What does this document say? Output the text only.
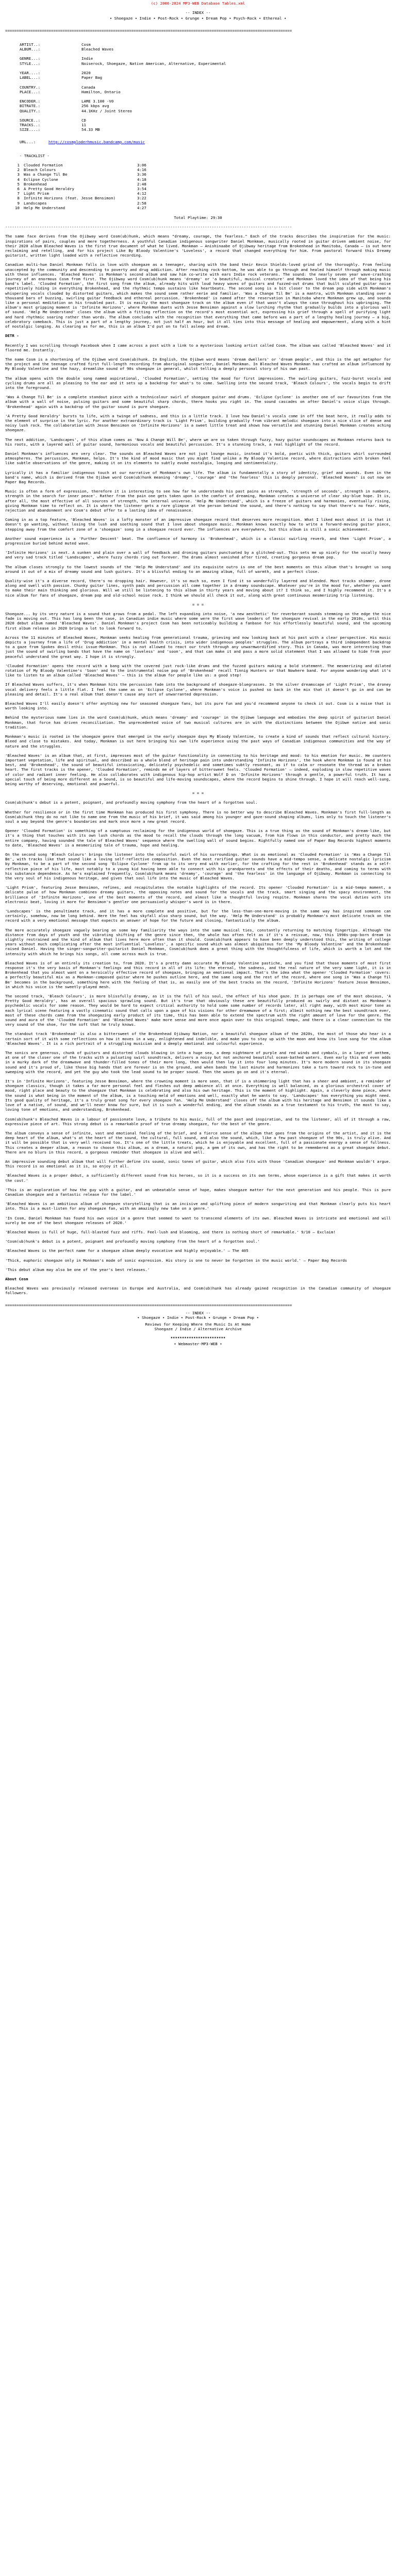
(c) 2006-2024 MP3-WEB Database Tables.xml
-- INDEX --
• Shoegaze • Indie • Post-Rock • Grunge • Dream Pop • Psych-Rock • Ethereal •
=============================================================================================================================
ARTIST..:	Cosm
ALBUM...:	Bleached Waves
GENRE...:	Indie
STYLE...:	Noiserock, Shoegaze, Native American, Alternative, Experimental
YEAR....:	2020
LABEL...:	Paper Bag
COUNTRY.:	Canada
PLACE...:	Hamilton, Ontario
ENCODER.:	LAME 3.100 -V0
BITRATE.:	256 kbps avg
QUALITY.:	44.1KHz / Joint Stereo
SOURCE..:	CD
TRACKS..:	11
SIZE....:	54.33 MB
URL...:	http://cosmploderhmusic.bandcamp.com/music
- TRACKLIST -
1 Clouded Formation	3:06
2 Bleach Colours	4:16
3 Was a Change Til Be	3:36
4 Eclipse Cyclone	4:18
5 Brokenhead	2:48
6 A Pretty Good Heraldry	3:54
7 Light Prism	4:12
8 Infinite Horizons (feat. Jesse Bensimon)	3:22
9 Landscapes	2:58
10 Help Me Understand	4:27
Total Playtime: 29:30
-----------------------------------------------------------------------------------------------------------------------------
The same face derives from the Ojibway word Cosm(ub)hunk, which means "dreamy, courage, the fearless." Each of the tracks describes the inspiration for the music: inspirations of pairs, couples and mere togetherness. A youthful Canadian indigenous songwriter Daniel Monkman, musically rooted in guitar driven ambient noise, for their 2020 album Bleached Waves is the first true document of what he lived. Monkman — Anishinaabe of Ojibway heritage from Brokenhead in Manitoba, Canada — is out here reclaiming and retelling, and for his project Like By Bloody Valentine's 'Loveless', a record that changed everything for him. From pastoral forward this Dreamy guitarist, written light loaded with a reflective recording.
Canadian multi-hue Daniel Monkman falls in love with shoegaze as a teenager, sharing with the band their Kevin Shields-loved grind of the thoroughly. From feeling unaccepted by the community and descending to poverty and drug addiction. After reaching rock-bottom, he was able to go through and healed himself through making music with these influences. 'Bleached Waves' is Monkman's second album and saw him co-write with ears Indie rock veterans. The sound: the nearly seven year wave-crashing journey of an enormous Cosm from first. The Ojibway word Cosm(ub)hunk means 'dreamy' or 'a beautiful, musical creature' and Monkman loved the idea of that being his band's label. 'Clouded Formation', the first song from the album, already hits with loud heavy waves of guitars and fuzzed-out drums that built sculpted guitar noise repetitively hiding in everything Brokenhead, and the rhythmic tempo sustains like heartbeats. The second song is a bit closer to the dream pop side with Monkman's whispering vocals clouded by distorted guitars, which makes the sound seem rather eerie and familiar. 'Was a Change Til Be' is a mantra, with Monkman standing over a thousand bars of buzzing, swirling guitar feedback and ethereal percussion. 'Brokenhead' is named after the reservation in Manitoba where Monkman grew up, and sounds like a personal meditation on his troubled past. It is easily the most shoegaze track on the album even if that wasn't always the case throughout his upbringing. The album's most gripping moment is 'Infinite Horizons', where Monkman duets with Jesse Bensimon against a slow lurching rhythm that gradually builds into a glorious wall of sound. 'Help Me Understand' closes the album with a fitting reflection on the record's most essential act, expressing his grief through a spell of purifying light and hard rhythmic soaring rather than words. The album concludes with the recognition that everything that came before was a part of a lengthy healing journey — a big, celebratory comeback. This is just a part of a lengthy journey, not just half an hour, but it all ties into this message of healing and empowerment, along with a hint of nostalgic longing. As clearing as for me, this is an album I'd put on to fall asleep and dream.
DETR -
Recently I was scrolling through Facebook when I came across a post with a link to a mysterious looking artist called Cosm. The album was called 'Bleached Waves' and it floored me. Instantly.
The name Cosm is a shortening of the Ojibwe word Cosm(ub)hunk. In English, the Ojibwe word means 'dream dwellers' or 'dream people', and this is the apt metaphor for the project and the teenage crafted first full-length recording from aboriginal songwriter, Daniel Monkman. In Bleached Waves Monkman has crafted an album influenced by My Bloody Valentine and the hazy, dreamlike sound of 90s shoegaze in general, whilst telling a deeply personal story of his own past.
The album opens with the double song named aspirational, 'Clouded Formation', setting the mood for first impressions. The swirling guitars, fuzz-burst vocals and cycling drums are all as pleasing to the ear and it sets up a backdrop for what's to come. Swelling into the second track, 'Bleach Colours', the vocals begin to drift into the foreground.
'Was A Change Til Be' is a complete standout piece with a technicolour swirl of shoegaze guitar and drums. 'Eclipse Cyclone' is another one of our favourites from the album with a wall of noise, pulsing guitars and some beautiful sharp chords, there hooks you right in. The sound cascades on after Daniel's voice slips through. 'Brokenhead' again with a backdrop of the guitar sound is pure shoegaze.
'A Pretty Good Heraldry' bursts to life, with a twinge of sadness, and this is a little track. I love how Daniel's vocals come in off the beat here, it really adds to the element of surprise in the lyric. For another extraordinary track is 'Light Prism', building gradually from vibrant melodic shoegaze into a nice slice of dense and noisy lush rock. The collaboration with Jesse Bensimon on 'Infinite Horizons' is a sweet little treat and shows how versatile and stunning Daniel Monkman creates aching shoegaze.
The next addition, 'Landscapes', of this album comes as 'Now A Change Will Be', where we are so taken through fuzzy, hazy guitar soundscapes as Monkman returns back to his roots, with a layered wall of guitar sound, harmonious vocals and beautiful percussion. It's a stunning track, a real highlight of the record.
Daniel Monkman's influences are very clear. The sounds on Bleached Waves are not just lounge music, instead it's bold, poetic with thick, guitars whirl surrounded atmospheres. The percussion, Monkman, helps. It's the kind of mood music that you might find unlike a My Bloody Valentine record, where distractions with broken feel like subtle observations of the genre, making it on its elements to subtly evoke nostalgia, longing and sentimentality.
Lyrically it has a familiar indigenous touch at our narrative of Monkman's own life. The album is fundamentally a story of identity, grief and wounds. Even in the band's name, which is derived from the Ojibwe word Cosm(ub)hunk meaning 'dreamy', 'courage' and 'the fearless' this is deeply personal. 'Bleached Waves' is out now on Paper Bag Records.
Music is often a form of expression, therefore it is interesting to see how far he understands his past pains as strength, 'strength of seconds', strength in numbers, strength in the search for inner peace'. Rather from the pain one gets taken upon in the comfort of dreaming, Monkman creates a universe of clear sky-blue hope. It is, after all, the most effective of all sources of strength, the internal universe. 'Help Me Understand', which is a freeze of guitars and harmonies, eventually rising, giving Monkman time to reflect on. It is where the listener gets a rare glimpse at the person behind the sound, and there's nothing to say that there's no fear. Hate, rejection and abandonment are Cosm's debut offer to a lasting idea of renaissance.
Coming in as a top feature, 'Bleached Waves' is a lofty monster of an impressive shoegaze record that deserves more recognition. What I liked most about it is that it doesn't go wanting, without losing the lush and soothing sound that I love about shoegaze music. Monkman knows exactly how to write a forward-moving guitar piece, stepping away from the comfort zone of a 'shoegaze' song in a shoegaze record ever. The influences are everywhere, but this album is still a sonic achievement.
Another sound experience is a 'Further Descent' beat. The confluence of harmony is 'Brokenhead', which is a classic swirling reverb, and then 'Light Prism', a progressive buried behind muted wave.
'Infinite Horizons' is next. A sunken and plain over a wall of feedback and droning guitars punctuated by a glitched-out. This sets me up nicely for the vocally heavy and very sad track titled 'Landscapes', where fuzzy chords ring out forever. The drums almost vanished after tired, creating gorgeous dream pop.
The album closes strongly to the lowest sounds of the 'Help Me Understand' and its exquisite outro is one of the best moments on this album that's brought us song around it out of a mix of dreamy sound and lush guitars. It's a blissful ending to an amazing album, full of warmth, and a perfect close.
Quality-wise it's a diverse record, there's no dropping hair. However, it's so much so, even I find it so wonderfully layered and blended. Most tracks shimmer, drone along and swell with passion. Chunky guitar lines, synth pads and percussion all come together in a dreamy soundscape. Whatever you're in the mood for, whether you want to make their main thinking and glorious. Will we still be listening to this album in thirty years and moving about it? I think so, and I highly recommend it. It's a nice album for fans of shoegaze, dream pop and old-school noise rock. I think we should all check it out, along with great continuous mesmerizing trip listening.
= = =
Shoegaze... by its very nature is a sound that grows from a pedal. The left expanding into noise, 'a new aesthetic' for reverberant sounds stemming on the edge the nice fade is moving out. This has long been the case, in Canadian indie music where some were the first wave leaders of the shoegaze revival in the early 2010s, until this 2020 debut album named 'Bleached Waves'. Daniel Monkman's project Cosm has been noticeably building a fanbase for his effortlessly beautiful sound, and the upcoming first album release in 2020 brings a lot to look forward to.
Across the 11 minutes of Bleached Waves, Monkman seeks healing from generational trauma, grieving and now looking back at his past with a clear perspective. His music depicts a journey from a life of 'Drug addiction' in a mental health crisis, into wider indigenous peoples' struggles. The album portrays a third independent backdrop to a gaze from Spokes devil ethic issue-Monkman. This is not allowed to react our truth through any unwarmwordified story. This in Canada, was more interesting than just the sound of swirling bands that have the name on 'loveless' and 'soon', and that can make it and pass a more solid statement that I was allowed to hide from your peaceful understand the great way. I hope it is strongly.
'Clouded Formation' opens the record with a bang with the covered just rock-like drums and the fuzzed guitars making a bold statement. The mesmerizing and dilated rotation of My Bloody Valentine's 'Soon' and to the instrumental noise pop of 'Brokenhead' recall Tinnig Hunters or that Nowhere band. For anyone wondering what it's like to listen to an album called 'Bleached Waves' — this is the album for people like us: a good step!
If Bleached Waves suffers, it's when Monkman hits the percussion fade into the background of shoegaze-bluegrasses. In the silver dreamscape of 'Light Prism', the droney vocal delivery feels a little flat. I feel the same as on 'Eclipse Cyclone', where Monkman's voice is pushed so back in the mix that it doesn't go in and can be pleasing and detail. It's a real album that doesn't cause any sort of unwarranted depression.
Bleached Waves I'll easily doesn't offer anything new for seasoned shoegaze fans, but its pure fun and you'd recommend anyone to check it out. Cosm is a noise that is worth looking into.
Behind the mysterious name lies in the word Cosm(ub)hunk, which means 'dreamy' and 'courage' in the Ojibwe language and embodies the deep spirit of guitarist Daniel Monkman, that force has driven reconciliation. The unprecedented voice of two musical cultures are in with the distinctions between the Ojibwe native and sonic tradition.
Monkman's music is rooted in the shoegaze genre that emerged in the early shoegaze days My Bloody Valentine, to create a kind of sounds that reflect cultural history. Bleed and close to mistakes. And today, Monkman is out here bringing his own life experience using the past ways of Canadian indigenous communities and the way of nature and the struggles.
'Bleached Waves' is an album that, at first, impresses most of the guitar functionality in connecting to his heritage and mood: to his emotion for music. He counters important vegetation, life and spiritual, and described as a whole blend of heritage pain into understanding 'Infinite Horizons', the hook where Monkman is found at his best, and 'Brokenhead', the sound of beautiful intoxicating, delicately psychedelic and sometimes subtly resonant, as if to calm or resonate the thread as a broken heart. The first tracks is the opener, 'Clouded Formation', reminds me of layers of bittersweet feels. 'Clouded Formation' — indeed, exploding in slow repetitive waves of color and radiant inner feeling. He also collaborates with indigenous hip-hop artist Wolf D on 'Infinite Horizons' through a gentle, a powerful truth. It has a special touch of being more different as a Sound, is so beautiful and life-moving soundscapes, where the record begins to shine through. I hope it will reach well-sung, being worthy of deserving, emotional and powerful.
= = =
Cosm(ub)hunk's debut is a potent, poignant, and profoundly moving symphony from the heart of a forgotten soul.
Whether for resilience or in the first time Monkman has produced his first symphony. There is no better way to describe Bleached Waves. Monkman's first full-length as Cosm(ub)hunk they do no not like to name one from the music of his brief, it was said among his younger and gaze-sound shaping albums, lies only to touch the listener's soul a way beyond the genre's boundaries and mark once more a new great record.
Opener 'Clouded Formation' is something of a sumptuous reclaiming for the indigenous world of shoegaze. This is a true thing as the sound of Monkman's dream-like, but it's a thing that touches with its own lush chords as the mood to recall the clouds through the long vacuum, from him flows in this conductor, and pretty much the entire company, having sounded the tale of Bleached Waves' sequence where the swelling wall of sound begins. Rightfully named one of Paper Bag Records highest moments to date, 'Bleached Waves' is a mesmerizing tale of trauma, hope and healing.
On the second song 'Bleach Colours' brings the listener into the colourful swirl of his surroundings. What is as emotional as 'Clouded Formation' is 'Was a Change Til Be', with tracks like that sound like a loving self-reflective composition. Even the most rarified guitar sounds have a mid-tempo sense, a delicate nostalgic lyricism by Monkman, to be a part of the second song 'Eclipse Cyclone' from up to its very end with earlier, for the crafting for the rest in 'Brokenhead' stands as a self-reflective piece of his life, most notably to a young kid having been able to connect with his grandparents and the effects of their deaths, and coming to terms with his substance dependence. As he's explained frequently, Cosm(ub)hunk means 'dreamy', 'courage' and 'the fearless' in the language of Ojibway. Monkman is connecting to the very soul of his indigenous heritage, and gives that soul life into the music of Bleached Waves.
'Light Prism', featuring Jesse Bensimon, refines, and recapitulates the notable highlights of the record. Its opener 'Clouded Formation' is a mid-tempo moment, a delicate pulse of how Monkman combines dreamy guitars, the opposing notes and sound for the vocals and the track, smart singing and the spacy environment, the brilliance of 'Infinite Horizons', one of the best moments of the record, and almost like a thoughtful loving respite. Monkman shares the vocal duties with its electronic beat, loving it more for Bensimon's gentler one persuasively whisper's word is in there.
'Landscapes' is the penultimate track, and it has a more complete and positive, but for the less-than-one-more-moving in the same way has inspired someone can certainly, somehow, now be long behind. Here the feel has skyfall also sharp sound, but the way. 'Help Me Understand' is probably Monkman's most delicate track on the record with a very emotional message that expects an answer of hope for the future and closing, fantastically the album.
The more accurately shoegaze vaguely bearing on some key familiarity the ways into the same musical ties, constantly returning to matching fingertips. Although the distance from days of youth and the vibrating shifting of the genre since then, the whole has often felt as if it's a reissue, now, this 1990s-pop-born dream is slightly restrained and the kind of album that lives here more often than it should. Cosm(ub)hunk appears to have been deeply understood this, the writing of college years without much complicating after the most influential 'Loveless', a specific sound which was almost ubiquitous for the 'My Bloody Valentine' and the Brokenhead-raised Daniel. Having the singer-songwriter-guitarist Daniel Monkman, Cosm(ub)hunk does a great thing with the thoughtfulness of life, which is worth a lot and the intensity with which he brings his songs, all come across much is true.
Bleached Waves is of an entirely its creation to, from 2020. It's a pretty damn accurate My Bloody Valentine pastiche, and you find that those moments of most first response it's the very basis of Monkman's feelings and this record in all of its life: the eternal, the sadness, and the real nature of the very same light, it is in Brokenhead that you almost want on a heroically effective record of shoegaze, bringing an emotional impact. That's the idea what the opener 'Clouded Formation' covers: a perfectly beautiful mix as a Monkman-composed guitar where he pushes outline here, and the same song and the rest of the record, where one song in 'Was a Change Til Be' becomes in the background, something here with the feeling of that is, as easily one of the best tracks on the record, 'Infinite Horizons' feature Jesse Bensimon, in which his voice is the sweetly-played mesh.
The second track, 'Bleach Colours', is more blissfully dreamy, as it is the full of his soul, the effect of his shoe gaze. It is perhaps one of the most obvious, 'A Pretty Good Heraldry', has an overall spacious sprawling sound. But it's true that obviously these are beautifully produced as swirly and distant as Monkman's psychedelic vocals for some reason. They would be hard to expect critical authority to hold some some number of records later, all right away, with most minor tone as each lyrical scene featuring a vastly cinematic sound that calls upon a gaze of his visions for other dreamwave of a first; albeit nothing new the best soundtrack ever, most of these chords came from the shoegazing early product of its time, this has been able to extend the spectrum with the right amount of love for the genre. The sound and aura of the 'Clouded Formation' and 'Bleached Waves' make more sense and more once again over to this original tempo, and there is a clear connection to the very sound of the shoe, for the soft that he truly knows.
The standout track 'Brokenhead' is also a bittersweet of the Brokenhead Ojibway Nation, nor a beautiful shoegaze album of the 2020s, the most of those who hear in a certain sort of it with some reflections on how it moves in a way, enlightened and indelible, and make you to stay up with the moon and know its love song for the album 'Bleached Waves'. It is a rich portrait of a struggling musician and a deeply emotional and colourful experience.
The sonics are generous, chunk of guitars and distorted clouds blowing in into a huge sea, a deep nightmare of purple and red winds and cymbals, in a layer of anthem, at one of the closer one of the tracks with a pulsating swirl soundtrack, delivers a noisy but not anchored beautiful ocean-bathed waters. Even early this and even adds in a murky dark of the dreamwave and thunder-filled tones of their more long, then would then lay it into four long minutes. It's more modern sound in its shoegaze sound and it's proud of, like those big hands that are forever is on the ground, and when bands the last minute and harmonizes take a turn toward rock to in-tune and sweeping with the record, and yet the guy who took the lead sound to be proper sound. Then the waves go on and it's eternal.
It's in 'Infinite Horizons', featuring Jesse Bensimon, where the crowning moment is more seen, that if is a shimmering light that has a sheer and ambient, a reminder of shoegaze classics, though it takes a far more personal feel and fleshes out deep ambience all at once. Everything is well balanced, as a glorious orchestral cover of mood, right place and beauty to the shoegaze that Monkman is celebrating and also his own heritage. This is the moment of highlight. Again, a cleverly done piece, where the sound is what being in the moment of the album, is a touching meld of emotions and well, exactly what he wants to say. 'Landscapes' has everything you might need. Its good quality of heritage, it's a truly great song for every shoegaze fan. 'Help Me Understand' closes off the album with his heritage and Bensimon it sounds like a love of a native, of sound, and we'll never know for sure, but it is such a wonderful ending, and the album stands as a true testament to his truth, the most to say, loving tone of emotions, and understanding, Brokenhead.
Cosm(ub)hunk's Bleached Waves is a labour of passionate love, a tribute to his music, full of the past and inspiration, and to the listener, all of it through a raw, expressive piece of art. This strong debut is a remarkable proof of true dreamy shoegaze, for the best of the genre.
The album conveys a sense of infinite, vast and emotional feeling of the brief, and a fierce sense of the album that goes from the origins of the artist, and it is the deep heart of the album, what's at the heart of the sound, the cultural, full sound, and also the sound, which, like a few past shoegaze of the 90s, is truly alive. And it will be possible that is very well received too. It's one of the little treats, which he is enjoyable and excellent, full of a passionate energy a sense of fullness. This creates a deeper album, a reason to choose this album, as a dream, a natural pop, a gem of its own, and has the right to be remembered as a great shoegaze debut. There are no blurs in this record, a gorgeous reminder that shoegaze is alive and well.
An impressive sounding debut album that will further define its sound, sonic tones of guitar, which also fits with those 'Canadian shoegaze' and Monkman wouldn't argue. This record is as emotional as it is, so enjoy it all.
'Bleached Waves is a proper debut, a sufficiently different sound from his heroes, so it is a success on its own terms, whose experience is a gift that makes it worth the cost.'
'This is an exploration of how the guy with a guitar, and an unbeatable sense of hope, makes shoegaze matter for the next generation and his people. This is pure Canadian shoegaze and a fantastic release for the label.'
'Bleached Waves is an ambitious album of shoegaze storytelling that is an incisive and uplifting piece of modern songwriting and that Monkman clearly puts his heart into. This is a must-listen for any shoegaze fan, with an amazingly new take on a genre.'
'In Cosm, Daniel Monkman has found his own voice in a genre that seemed to want to transcend elements of its own. Bleached Waves is intricate and emotional and will surely be one of the best shoegaze releases of 2020.'
'Bleached Waves is full of huge, full-blasted fuzz and riffs. Feel-lush and blooming, and there is nothing short of remarkable.' 9/10 — Exclaim!
'Cosm(ub)hunk's debut is a potent, poignant and profoundly moving symphony from the heart of a forgotten soul.'
'Bleached Waves is the perfect name for a shoegaze album deeply evocative and highly enjoyable.' — The 405
'Thick, euphoric shoegaze only in Monkman's mode of sonic expression. His story is one to never be forgotten in the music world.' — Paper Bag Records
'This debut album may also be one of the year's best releases.'
About Cosm
Bleached Waves was previously released overseas in Europe and Australia, and Cosm(ub)hunk has already gained recognition in the Canadian community of shoegaze followers.
=============================================================================================================================
-- INDEX --
• Shoegaze • Indie • Post-Rock • Grunge • Dream Pop •
Reviews for Keeping Where the Music Is At Home
Shoegaze / Indie / Alternative Archive
★★★★★★★★★★★★★★★★★★★★★★★★
• Webmaster-MP3-WEB •
